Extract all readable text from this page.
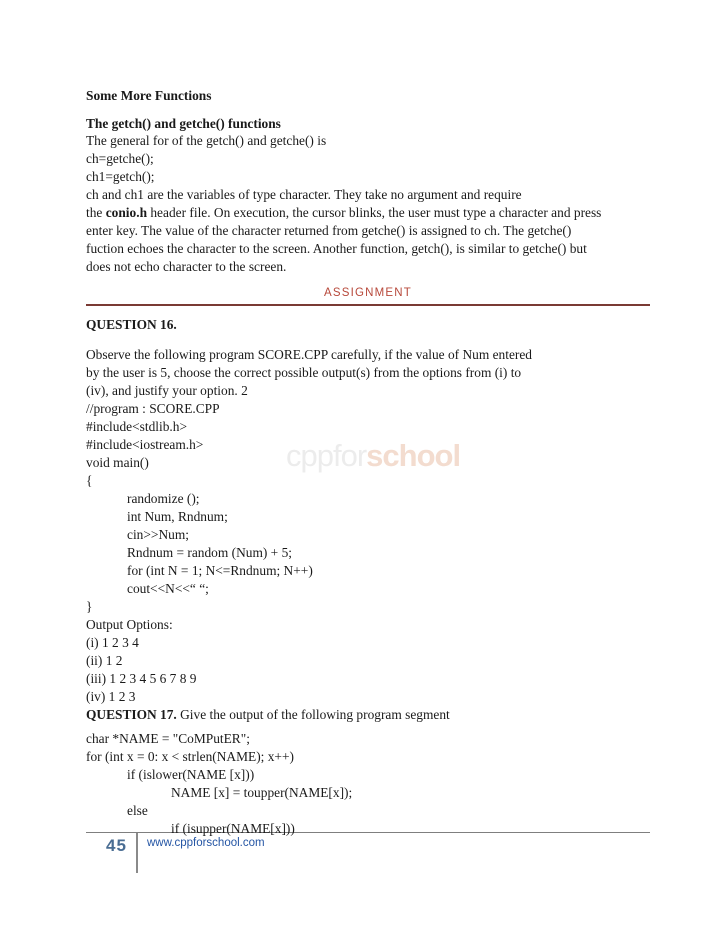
cppforschool
Some More Functions
The getch() and getche() functions
The general for of the getch() and getche() is
ch=getche();
ch1=getch();
ch and ch1 are the variables of type character. They take no argument and require
the conio.h header file. On execution, the cursor blinks, the user must type a character and press
enter key. The value of the character returned from getche() is assigned to ch. The getche()
fuction echoes the character to the screen. Another function, getch(), is similar to getche() but
does not echo character to the screen.
ASSIGNMENT
QUESTION 16.
Observe the following program SCORE.CPP carefully, if the value of Num entered
by the user is 5, choose the correct possible output(s) from the options from (i) to
(iv), and justify your option. 2
//program : SCORE.CPP
#include<stdlib.h>
#include<iostream.h>
void main()
{
randomize ();
int Num, Rndnum;
cin>>Num;
Rndnum = random (Num) + 5;
for (int N = 1; N<=Rndnum; N++)
cout<<N<<“ “;
}
Output Options:
(i) 1 2 3 4
(ii) 1 2
(iii) 1 2 3 4 5 6 7 8 9
(iv) 1 2 3
QUESTION 17. Give the output of the following program segment
char *NAME = "CoMPutER";
for (int x = 0: x < strlen(NAME); x++)
if (islower(NAME [x]))
NAME [x] = toupper(NAME[x]);
45 www.cppforschool.com
else
if (isupper(NAME[x]))
